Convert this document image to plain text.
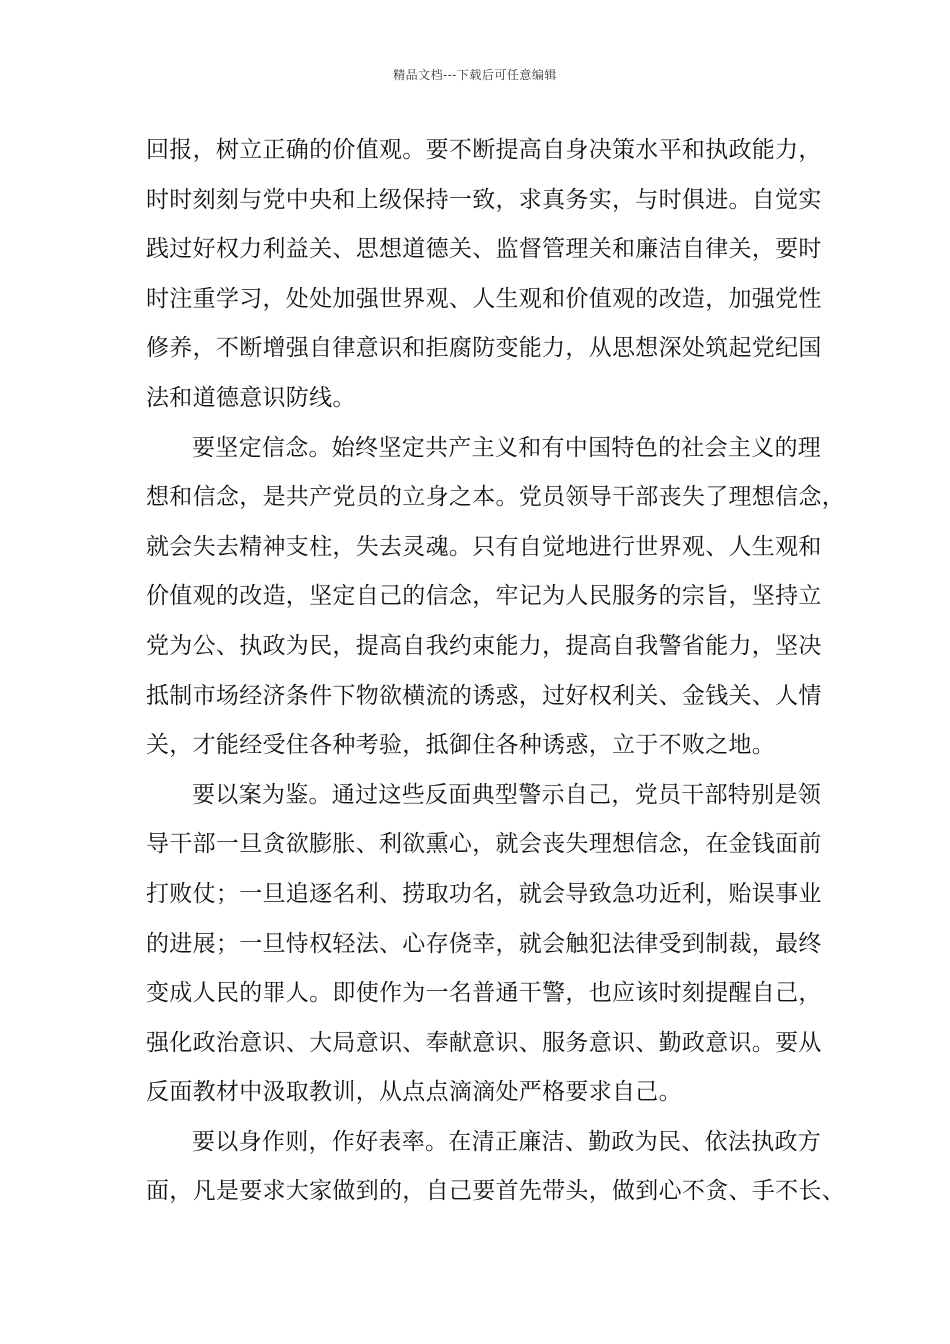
精品文档---下载后可任意编辑
回报，树立正确的价值观。要不断提高自身决策水平和执政能力，
时时刻刻与党中央和上级保持一致，求真务实，与时俱进。自觉实
践过好权力利益关、思想道德关、监督管理关和廉洁自律关，要时
时注重学习，处处加强世界观、人生观和价值观的改造，加强党性
修养，不断增强自律意识和拒腐防变能力，从思想深处筑起党纪国
法和道德意识防线。
要坚定信念。始终坚定共产主义和有中国特色的社会主义的理
想和信念，是共产党员的立身之本。党员领导干部丧失了理想信念，
就会失去精神支柱，失去灵魂。只有自觉地进行世界观、人生观和
价值观的改造，坚定自己的信念，牢记为人民服务的宗旨，坚持立
党为公、执政为民，提高自我约束能力，提高自我警省能力，坚决
抵制市场经济条件下物欲横流的诱惑，过好权利关、金钱关、人情
关，才能经受住各种考验，抵御住各种诱惑，立于不败之地。
要以案为鉴。通过这些反面典型警示自己，党员干部特别是领
导干部一旦贪欲膨胀、利欲熏心，就会丧失理想信念，在金钱面前
打败仗；一旦追逐名利、捞取功名，就会导致急功近利，贻误事业
的进展；一旦恃权轻法、心存侥幸，就会触犯法律受到制裁，最终
变成人民的罪人。即使作为一名普通干警，也应该时刻提醒自己，
强化政治意识、大局意识、奉献意识、服务意识、勤政意识。要从
反面教材中汲取教训，从点点滴滴处严格要求自己。
要以身作则，作好表率。在清正廉洁、勤政为民、依法执政方
面，凡是要求大家做到的，自己要首先带头，做到心不贪、手不长、
